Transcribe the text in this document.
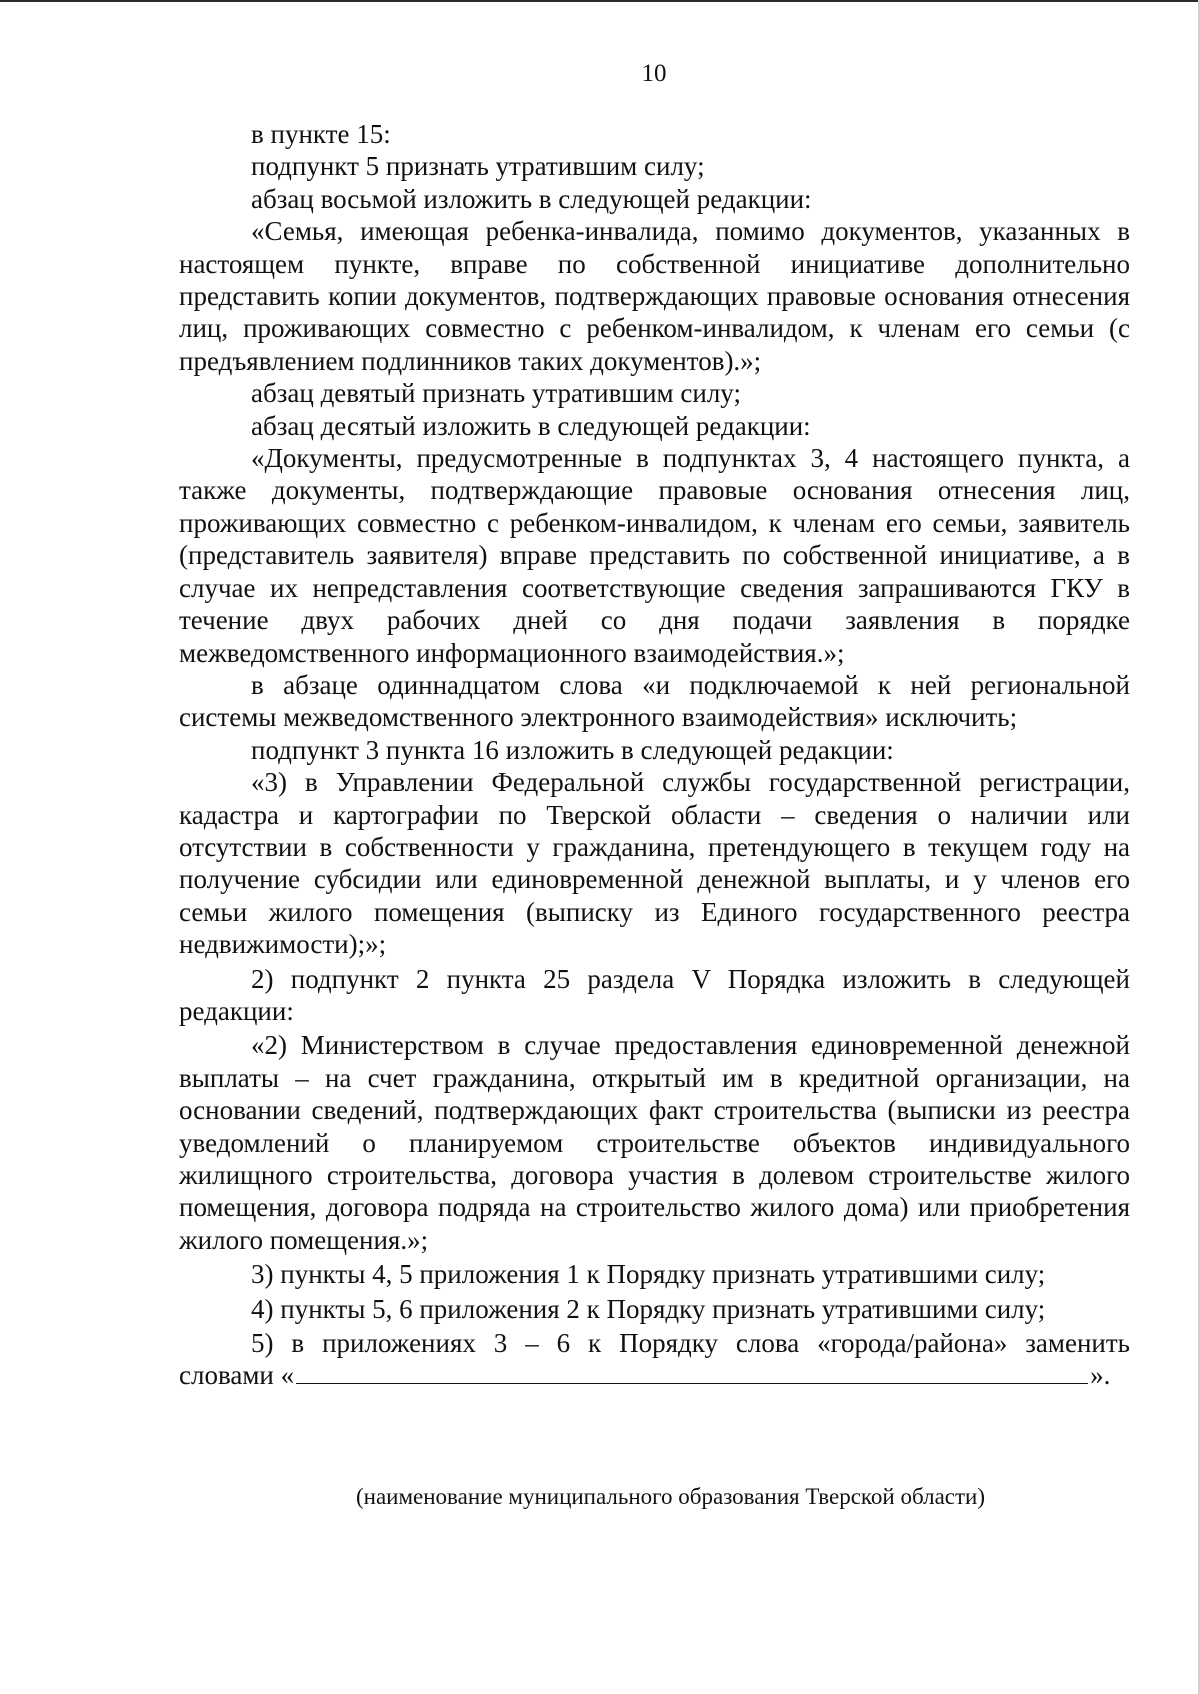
10

в пункте 15:

подпункт 5 признать утратившим силу;

абзац восьмой изложить в следующей редакции:

«Семья, имеющая ребенка-инвалида, помимо документов, указанных в настоящем пункте, вправе по собственной инициативе дополнительно представить копии документов, подтверждающих правовые основания отнесения лиц, проживающих совместно с ребенком-инвалидом, к членам его семьи (с предъявлением подлинников таких документов).»;

абзац девятый признать утратившим силу;

абзац десятый изложить в следующей редакции:

«Документы, предусмотренные в подпунктах 3, 4 настоящего пункта, а также документы, подтверждающие правовые основания отнесения лиц, проживающих совместно с ребенком-инвалидом, к членам его семьи, заявитель (представитель заявителя) вправе представить по собственной инициативе, а в случае их непредставления соответствующие сведения запрашиваются ГКУ в течение двух рабочих дней со дня подачи заявления в порядке межведомственного информационного взаимодействия.»;

в абзаце одиннадцатом слова «и подключаемой к ней региональной системы межведомственного электронного взаимодействия» исключить;

подпункт 3 пункта 16 изложить в следующей редакции:

«3) в Управлении Федеральной службы государственной регистрации, кадастра и картографии по Тверской области – сведения о наличии или отсутствии в собственности у гражданина, претендующего в текущем году на получение субсидии или единовременной денежной выплаты, и у членов его семьи жилого помещения (выписку из Единого государственного реестра недвижимости);»;

2) подпункт 2 пункта 25 раздела V Порядка изложить в следующей редакции:

«2) Министерством в случае предоставления единовременной денежной выплаты – на счет гражданина, открытый им в кредитной организации, на основании сведений, подтверждающих факт строительства (выписки из реестра уведомлений о планируемом строительстве объектов индивидуального жилищного строительства, договора участия в долевом строительстве жилого помещения, договора подряда на строительство жилого дома) или приобретения жилого помещения.»;

3) пункты 4, 5 приложения 1 к Порядку признать утратившими силу;

4) пункты 5, 6 приложения 2 к Порядку признать утратившими силу;

5) в приложениях 3 – 6 к Порядку слова «города/района» заменить

словами «	».

(наименование муниципального образования Тверской области)
